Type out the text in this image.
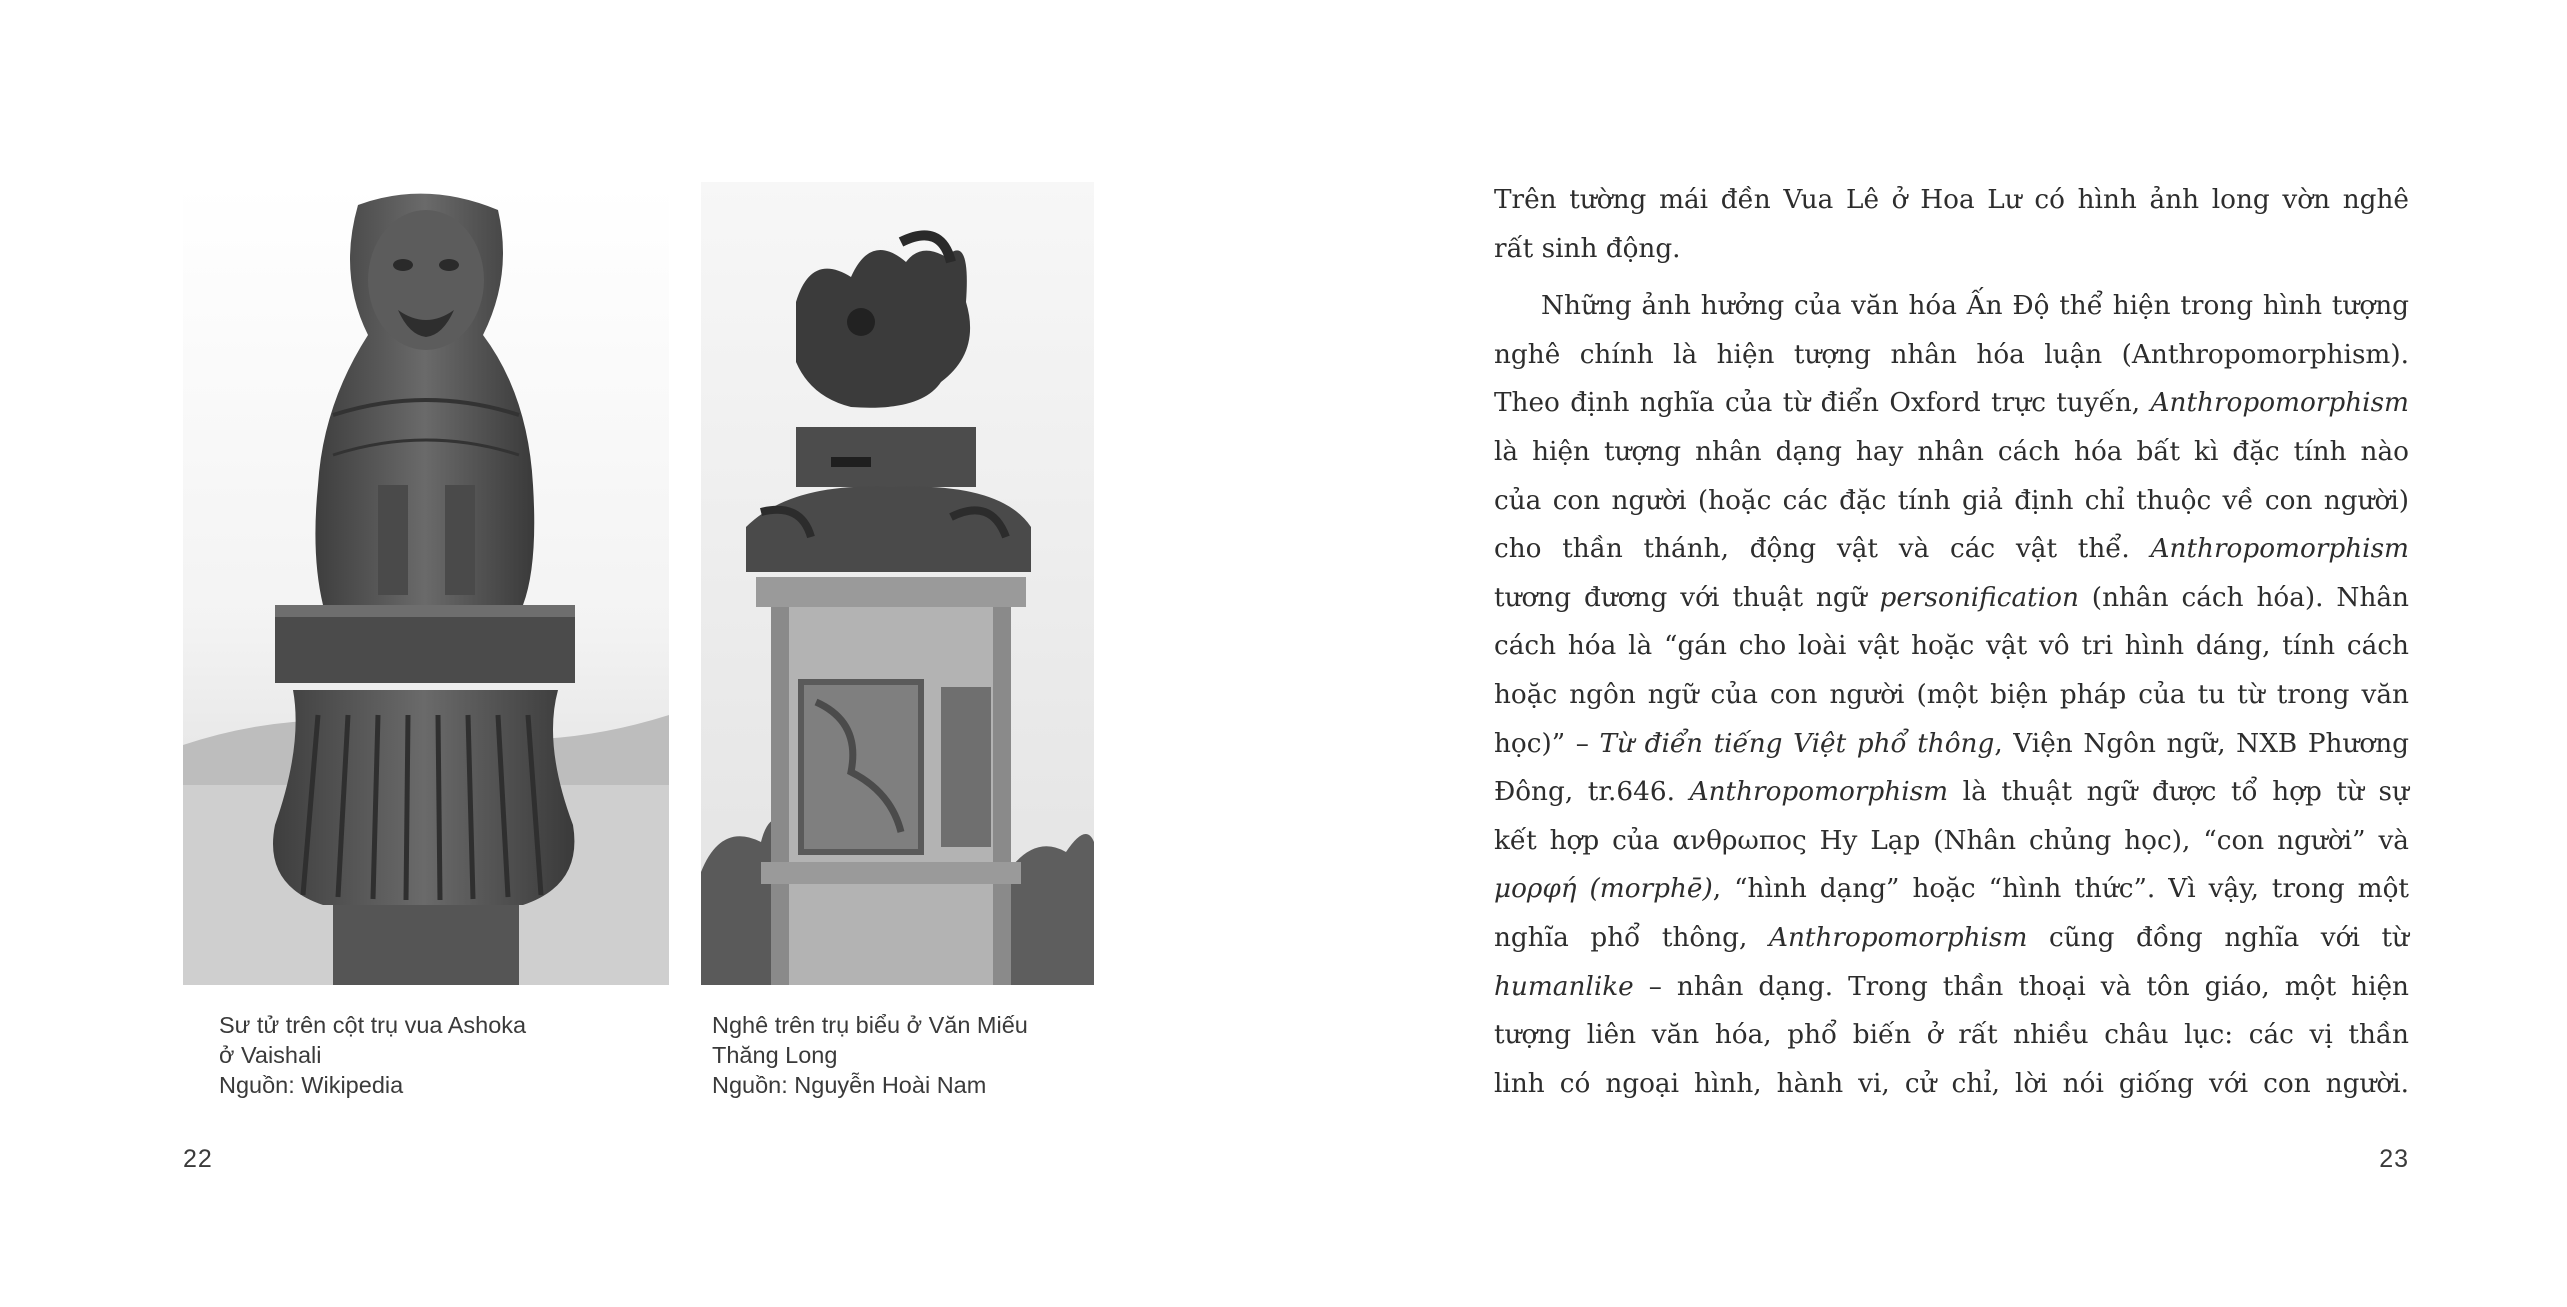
Sư tử trên cột trụ vua Ashoka
ở Vaishali
Nguồn: Wikipedia
Nghê trên trụ biểu ở Văn Miếu
Thăng Long
Nguồn: Nguyễn Hoài Nam
22	23
Trên tường mái đền Vua Lê ở Hoa Lư có hình ảnh long vờn nghê
rất sinh động.
Những ảnh hưởng của văn hóa Ấn Độ thể hiện trong hình tượng
nghê chính là hiện tượng nhân hóa luận (Anthropomorphism).
Theo định nghĩa của từ điển Oxford trực tuyến, Anthropomorphism
là hiện tượng nhân dạng hay nhân cách hóa bất kì đặc tính nào
của con người (hoặc các đặc tính giả định chỉ thuộc về con người)
cho thần thánh, động vật và các vật thể. Anthropomorphism
tương đương với thuật ngữ personification (nhân cách hóa). Nhân
cách hóa là “gán cho loài vật hoặc vật vô tri hình dáng, tính cách
hoặc ngôn ngữ của con người (một biện pháp của tu từ trong văn
học)” – Từ điển tiếng Việt phổ thông, Viện Ngôn ngữ, NXB Phương
Đông, tr.646. Anthropomorphism là thuật ngữ được tổ hợp từ sự
kết hợp của ανθρωπος Hy Lạp (Nhân chủng học), “con người” và
μορφή (morphē), “hình dạng” hoặc “hình thức”. Vì vậy, trong một
nghĩa phổ thông, Anthropomorphism cũng đồng nghĩa với từ
humanlike – nhân dạng. Trong thần thoại và tôn giáo, một hiện
tượng liên văn hóa, phổ biến ở rất nhiều châu lục: các vị thần
linh có ngoại hình, hành vi, cử chỉ, lời nói giống với con người.
